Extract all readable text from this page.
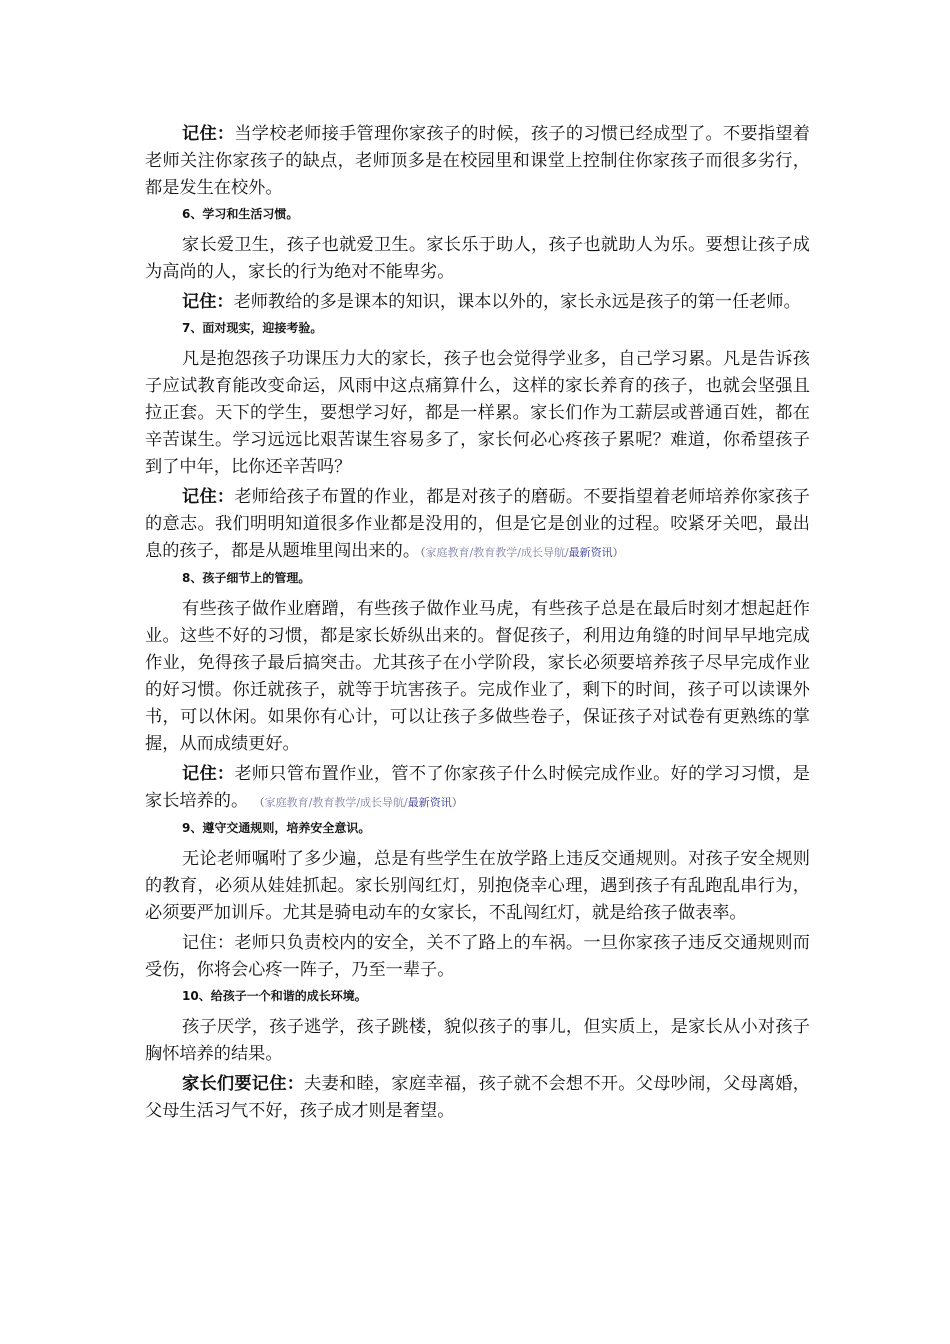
记住：当学校老师接手管理你家孩子的时候，孩子的习惯已经成型了。不要指望着老师关注你家孩子的缺点，老师顶多是在校园里和课堂上控制住你家孩子而很多劣行，都是发生在校外。

6、学习和生活习惯。

家长爱卫生，孩子也就爱卫生。家长乐于助人，孩子也就助人为乐。要想让孩子成为高尚的人，家长的行为绝对不能卑劣。

记住：老师教给的多是课本的知识，课本以外的，家长永远是孩子的第一任老师。

7、面对现实，迎接考验。

凡是抱怨孩子功课压力大的家长，孩子也会觉得学业多，自己学习累。凡是告诉孩子应试教育能改变命运，风雨中这点痛算什么，这样的家长养育的孩子，也就会坚强且拉正套。天下的学生，要想学习好，都是一样累。家长们作为工薪层或普通百姓，都在辛苦谋生。学习远远比艰苦谋生容易多了，家长何必心疼孩子累呢？难道，你希望孩子到了中年，比你还辛苦吗？

记住：老师给孩子布置的作业，都是对孩子的磨砺。不要指望着老师培养你家孩子的意志。我们明明知道很多作业都是没用的，但是它是创业的过程。咬紧牙关吧，最出息的孩子，都是从题堆里闯出来的。（家庭教育/教育教学/成长导航/最新资讯）

8、孩子细节上的管理。

有些孩子做作业磨蹭，有些孩子做作业马虎，有些孩子总是在最后时刻才想起赶作业。这些不好的习惯，都是家长娇纵出来的。督促孩子，利用边角缝的时间早早地完成作业，免得孩子最后搞突击。尤其孩子在小学阶段，家长必须要培养孩子尽早完成作业的好习惯。你迁就孩子，就等于坑害孩子。完成作业了，剩下的时间，孩子可以读课外书，可以休闲。如果你有心计，可以让孩子多做些卷子，保证孩子对试卷有更熟练的掌握，从而成绩更好。

记住：老师只管布置作业，管不了你家孩子什么时候完成作业。好的学习习惯，是家长培养的。 （家庭教育/教育教学/成长导航/最新资讯）

9、遵守交通规则，培养安全意识。

无论老师嘱咐了多少遍，总是有些学生在放学路上违反交通规则。对孩子安全规则的教育，必须从娃娃抓起。家长别闯红灯，别抱侥幸心理，遇到孩子有乱跑乱串行为，必须要严加训斥。尤其是骑电动车的女家长，不乱闯红灯，就是给孩子做表率。

记住：老师只负责校内的安全，关不了路上的车祸。一旦你家孩子违反交通规则而受伤，你将会心疼一阵子，乃至一辈子。

10、给孩子一个和谐的成长环境。

孩子厌学，孩子逃学，孩子跳楼，貌似孩子的事儿，但实质上，是家长从小对孩子胸怀培养的结果。

家长们要记住：夫妻和睦，家庭幸福，孩子就不会想不开。父母吵闹，父母离婚，父母生活习气不好，孩子成才则是奢望。
